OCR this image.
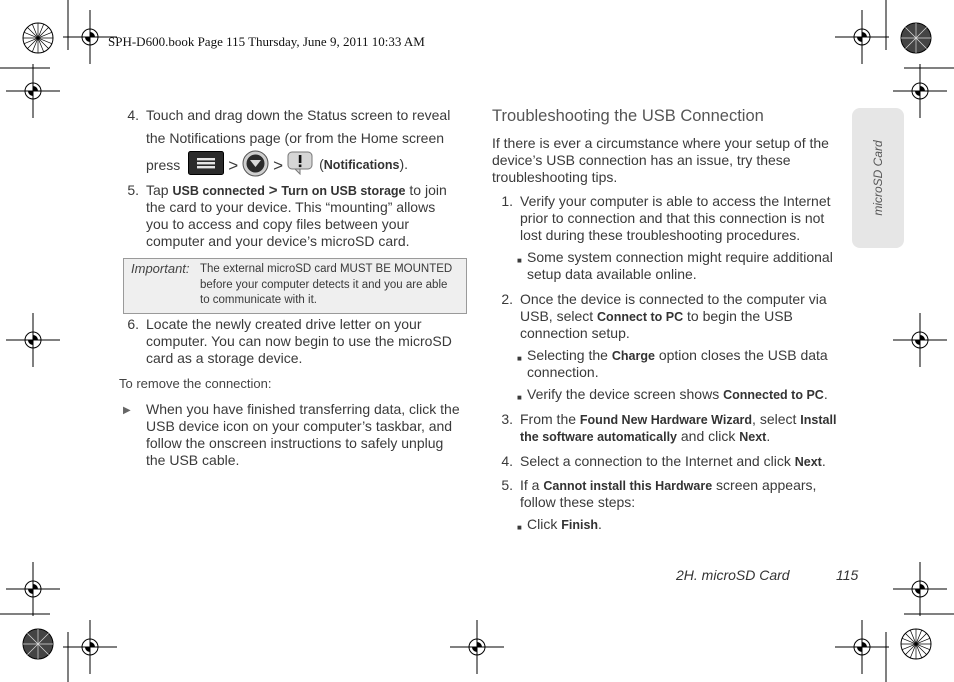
SPH-D600.book Page 115 Thursday, June 9, 2011 10:33 AM
microSD Card
4. Touch and drag down the Status screen to reveal
the Notifications page (or from the Home screen
press	> >	(Notifications).
5. Tap USB connected > Turn on USB storage to join
the card to your device. This “mounting” allows
you to access and copy files between your
computer and your device’s microSD card.
Important: The external microSD card MUST BE MOUNTED
before your computer detects it and you are able
to communicate with it.
6. Locate the newly created drive letter on your
computer. You can now begin to use the microSD
card as a storage device.
To remove the connection:
▶ When you have finished transferring data, click the
USB device icon on your computer’s taskbar, and
follow the onscreen instructions to safely unplug
the USB cable.
Troubleshooting the USB Connection
If there is ever a circumstance where your setup of the
device’s USB connection has an issue, try these
troubleshooting tips.
1. Verify your computer is able to access the Internet
prior to connection and that this connection is not
lost during these troubleshooting procedures.
■ Some system connection might require additional
setup data available online.
2. Once the device is connected to the computer via
USB, select Connect to PC to begin the USB
connection setup.
■ Selecting the Charge option closes the USB data
connection.
■ Verify the device screen shows Connected to PC.
3. From the Found New Hardware Wizard, select Install
the software automatically and click Next.
4. Select a connection to the Internet and click Next.
5. If a Cannot install this Hardware screen appears,
follow these steps:
■ Click Finish.
2H. microSD Card	115
